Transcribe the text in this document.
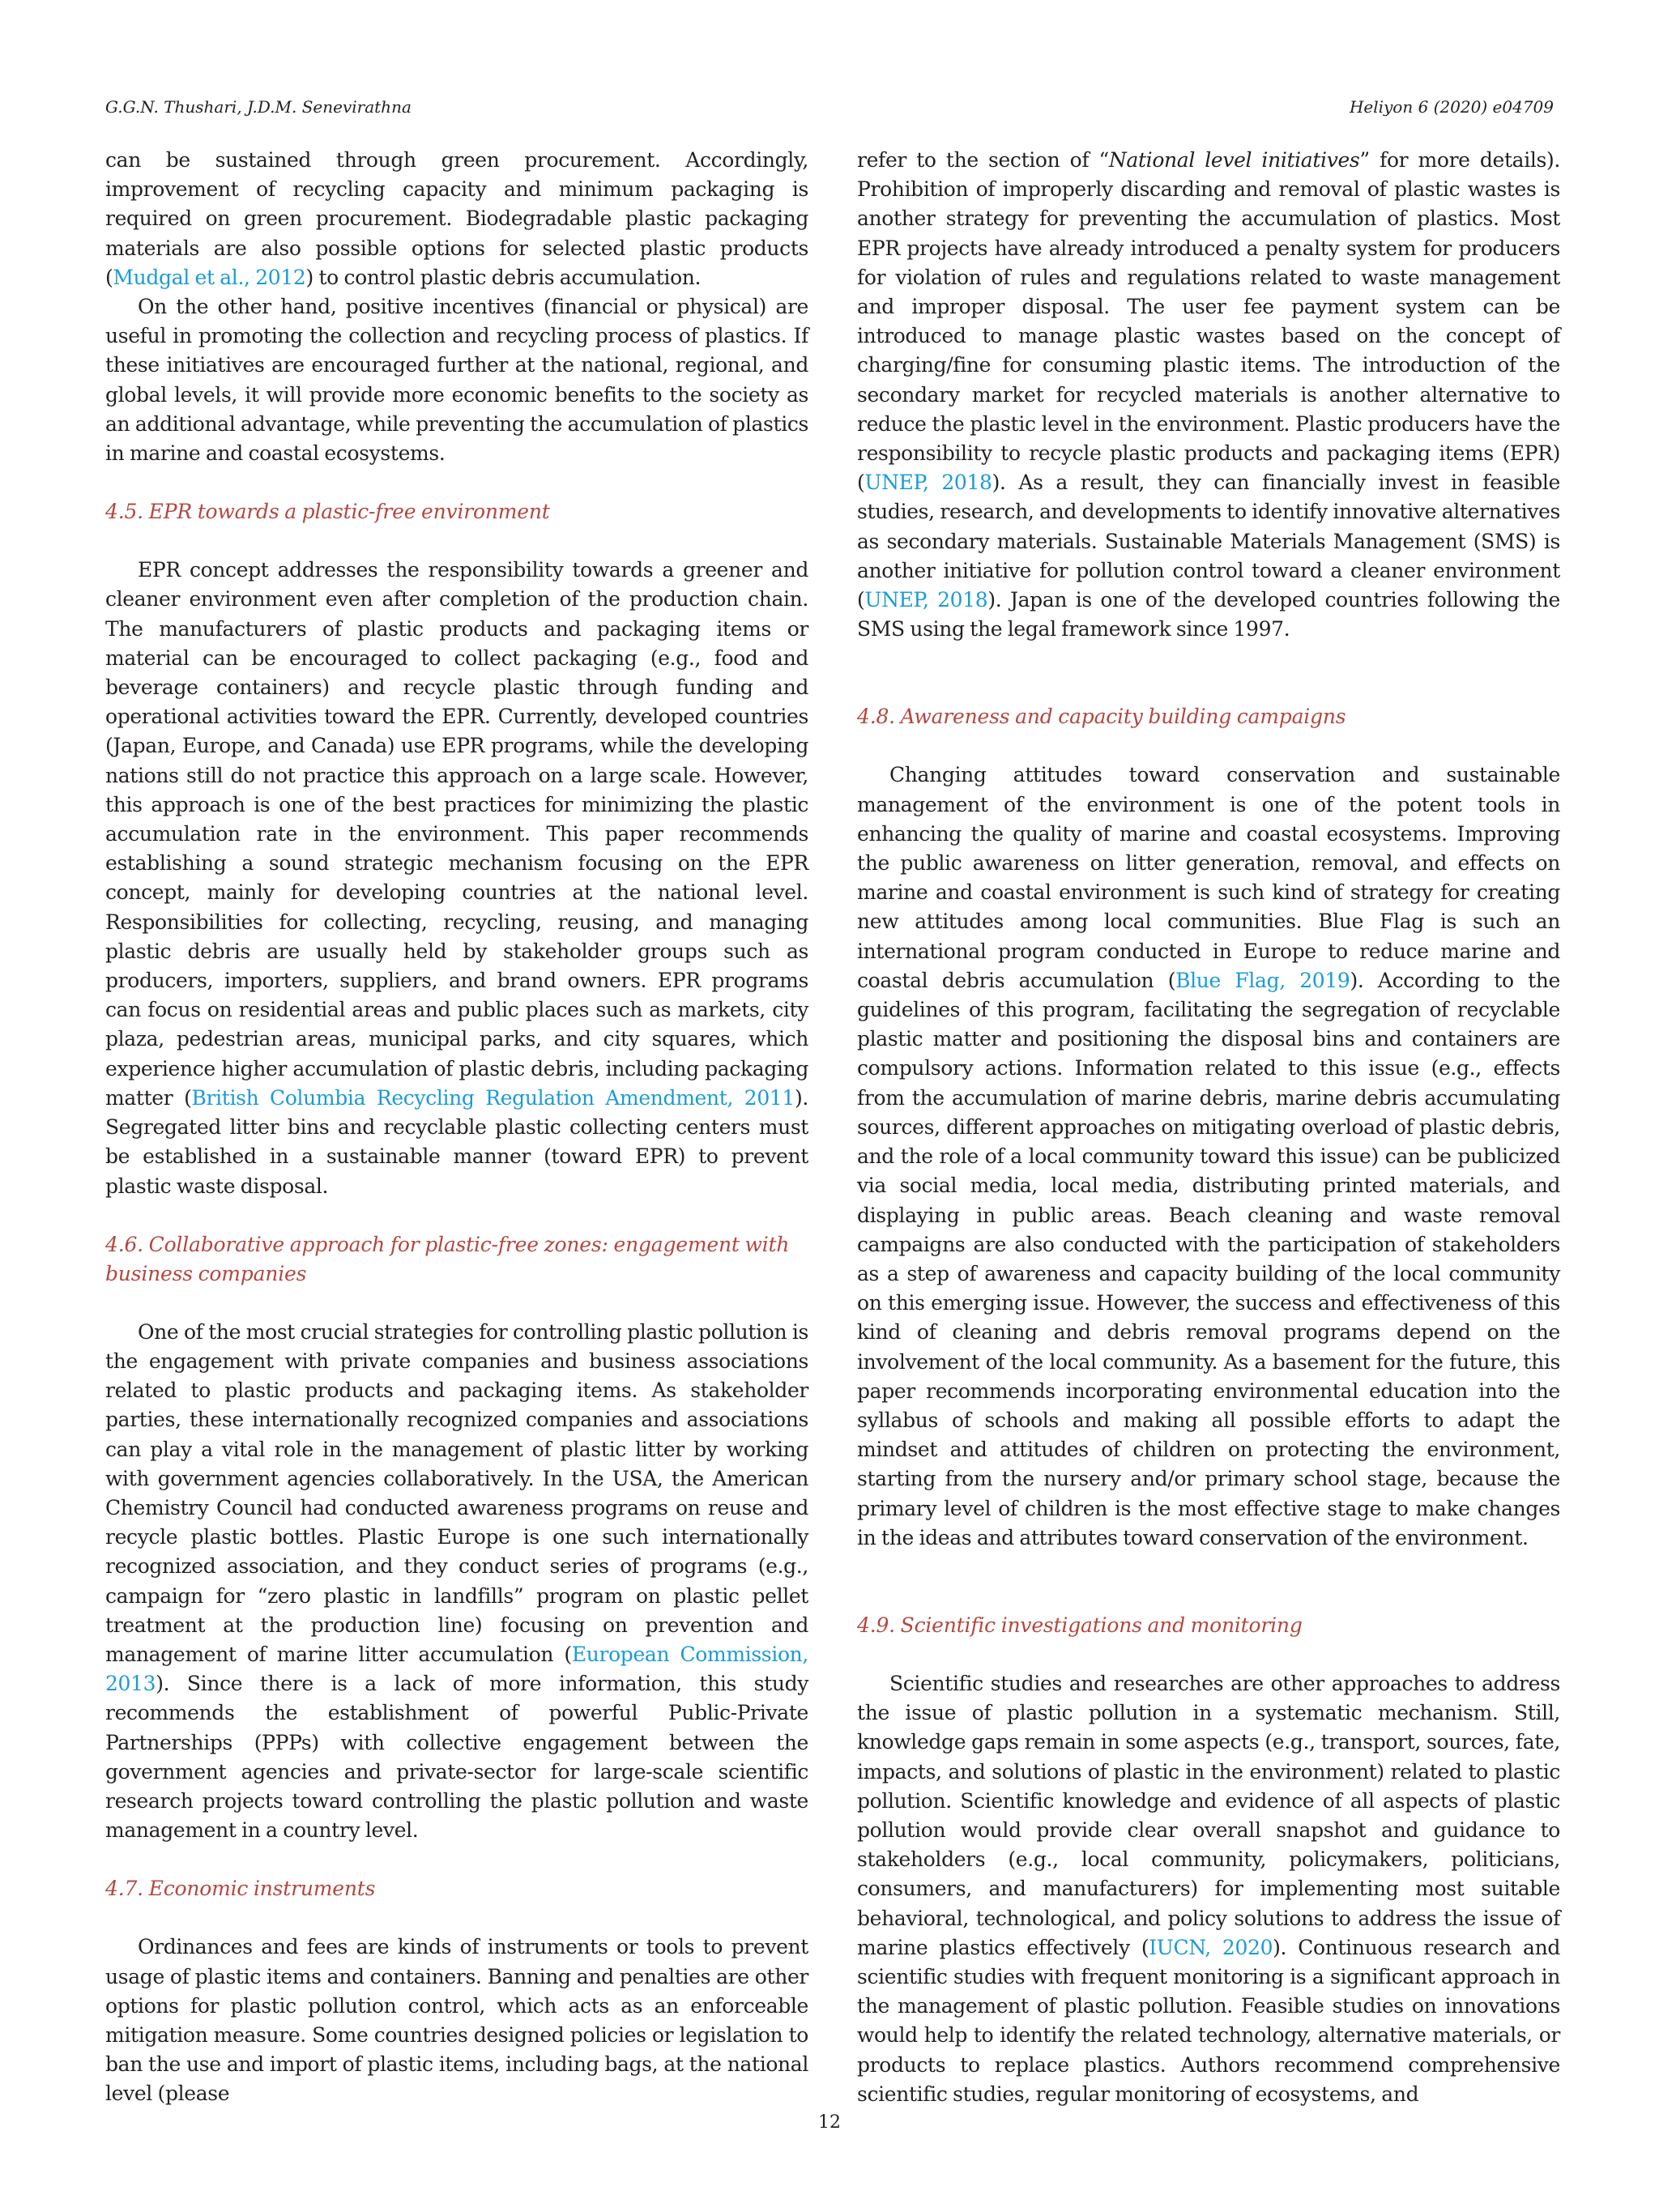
G.G.N. Thushari, J.D.M. Senevirathna	Heliyon 6 (2020) e04709

can be sustained through green procurement. Accordingly, improvement of recycling capacity and minimum packaging is required on green procurement. Biodegradable plastic packaging materials are also possible options for selected plastic products (Mudgal et al., 2012) to control plastic debris accumulation.

On the other hand, positive incentives (financial or physical) are useful in promoting the collection and recycling process of plastics. If these initiatives are encouraged further at the national, regional, and global levels, it will provide more economic benefits to the society as an additional advantage, while preventing the accumulation of plastics in marine and coastal ecosystems.

4.5. EPR towards a plastic-free environment

EPR concept addresses the responsibility towards a greener and cleaner environment even after completion of the production chain. The manufacturers of plastic products and packaging items or material can be encouraged to collect packaging (e.g., food and beverage containers) and recycle plastic through funding and operational activities toward the EPR. Currently, developed countries (Japan, Europe, and Canada) use EPR programs, while the developing nations still do not practice this approach on a large scale. However, this approach is one of the best practices for minimizing the plastic accumulation rate in the environment. This paper recommends establishing a sound strategic mechanism focusing on the EPR concept, mainly for developing countries at the national level. Responsibilities for collecting, recycling, reusing, and managing plastic debris are usually held by stakeholder groups such as producers, importers, suppliers, and brand owners. EPR programs can focus on residential areas and public places such as markets, city plaza, pedestrian areas, municipal parks, and city squares, which experience higher accumulation of plastic debris, including packaging matter (British Columbia Recycling Regulation Amendment, 2011). Segregated litter bins and recyclable plastic collecting centers must be established in a sustainable manner (toward EPR) to prevent plastic waste disposal.

4.6. Collaborative approach for plastic-free zones: engagement with business companies

One of the most crucial strategies for controlling plastic pollution is the engagement with private companies and business associations related to plastic products and packaging items. As stakeholder parties, these internationally recognized companies and associations can play a vital role in the management of plastic litter by working with government agencies collaboratively. In the USA, the American Chemistry Council had conducted awareness programs on reuse and recycle plastic bottles. Plastic Europe is one such internationally recognized association, and they conduct series of programs (e.g., campaign for “zero plastic in landfills” program on plastic pellet treatment at the production line) focusing on prevention and management of marine litter accumulation (European Commission, 2013). Since there is a lack of more information, this study recommends the establishment of powerful Public-Private Partnerships (PPPs) with collective engagement between the government agencies and private-sector for large-scale scientific research projects toward controlling the plastic pollution and waste management in a country level.

4.7. Economic instruments

Ordinances and fees are kinds of instruments or tools to prevent usage of plastic items and containers. Banning and penalties are other options for plastic pollution control, which acts as an enforceable mitigation measure. Some countries designed policies or legislation to ban the use and import of plastic items, including bags, at the national level (please

refer to the section of “National level initiatives” for more details). Prohibition of improperly discarding and removal of plastic wastes is another strategy for preventing the accumulation of plastics. Most EPR projects have already introduced a penalty system for producers for violation of rules and regulations related to waste management and improper disposal. The user fee payment system can be introduced to manage plastic wastes based on the concept of charging/fine for consuming plastic items. The introduction of the secondary market for recycled materials is another alternative to reduce the plastic level in the environment. Plastic producers have the responsibility to recycle plastic products and packaging items (EPR) (UNEP, 2018). As a result, they can financially invest in feasible studies, research, and developments to identify innovative alternatives as secondary materials. Sustainable Materials Management (SMS) is another initiative for pollution control toward a cleaner environment (UNEP, 2018). Japan is one of the developed countries following the SMS using the legal framework since 1997.

4.8. Awareness and capacity building campaigns

Changing attitudes toward conservation and sustainable management of the environment is one of the potent tools in enhancing the quality of marine and coastal ecosystems. Improving the public awareness on litter generation, removal, and effects on marine and coastal environment is such kind of strategy for creating new attitudes among local communities. Blue Flag is such an international program conducted in Europe to reduce marine and coastal debris accumulation (Blue Flag, 2019). According to the guidelines of this program, facilitating the segregation of recyclable plastic matter and positioning the disposal bins and containers are compulsory actions. Information related to this issue (e.g., effects from the accumulation of marine debris, marine debris accumulating sources, different approaches on mitigating overload of plastic debris, and the role of a local community toward this issue) can be publicized via social media, local media, distributing printed materials, and displaying in public areas. Beach cleaning and waste removal campaigns are also conducted with the participation of stakeholders as a step of awareness and capacity building of the local community on this emerging issue. However, the success and effectiveness of this kind of cleaning and debris removal programs depend on the involvement of the local community. As a basement for the future, this paper recommends incorporating environmental education into the syllabus of schools and making all possible efforts to adapt the mindset and attitudes of children on protecting the environment, starting from the nursery and/or primary school stage, because the primary level of children is the most effective stage to make changes in the ideas and attributes toward conservation of the environment.

4.9. Scientific investigations and monitoring

Scientific studies and researches are other approaches to address the issue of plastic pollution in a systematic mechanism. Still, knowledge gaps remain in some aspects (e.g., transport, sources, fate, impacts, and solutions of plastic in the environment) related to plastic pollution. Scientific knowledge and evidence of all aspects of plastic pollution would provide clear overall snapshot and guidance to stakeholders (e.g., local community, policymakers, politicians, consumers, and manufacturers) for implementing most suitable behavioral, technological, and policy solutions to address the issue of marine plastics effectively (IUCN, 2020). Continuous research and scientific studies with frequent monitoring is a significant approach in the management of plastic pollution. Feasible studies on innovations would help to identify the related technology, alternative materials, or products to replace plastics. Authors recommend comprehensive scientific studies, regular monitoring of ecosystems, and

12
